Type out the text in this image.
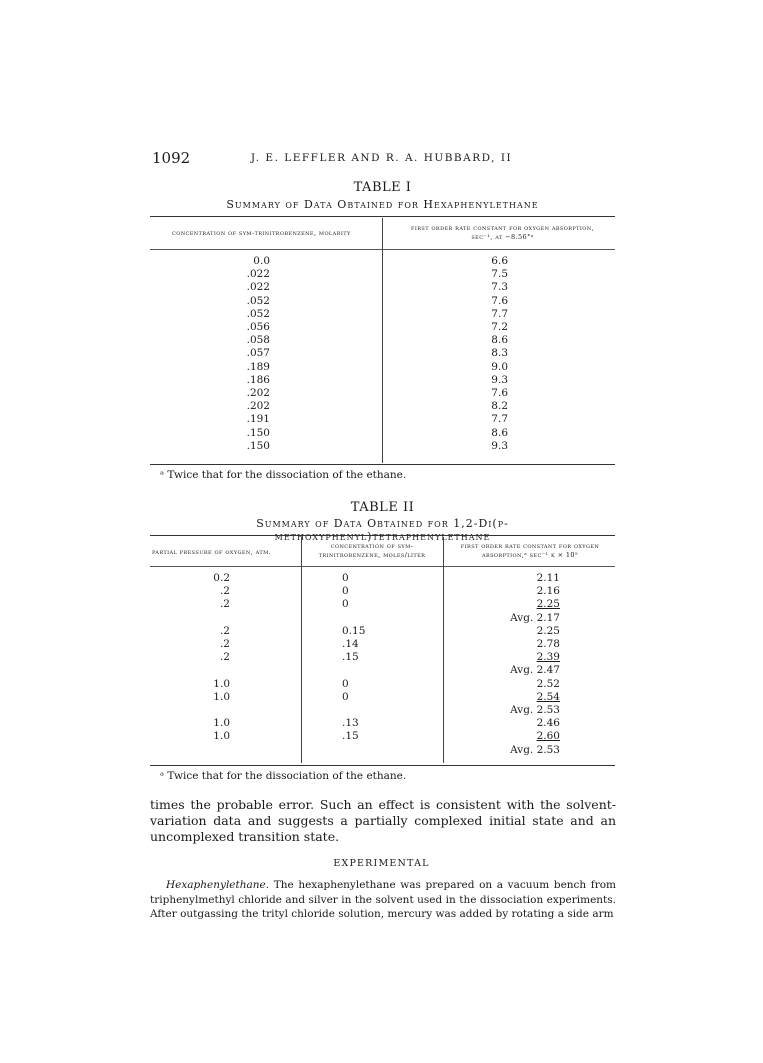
1092	J. E. LEFFLER AND R. A. HUBBARD, II
TABLE I
Summary of Data Obtained for Hexaphenylethane
concentration of sym-trinitrobenzene, molarity
first order rate constant for oxygen absorption,
sec⁻¹, at −8.56°ᵃ
0.0
.022
.022
.052
.052
.056
.058
.057
.189
.186
.202
.202
.191
.150
.150
6.6
7.5
7.3
7.6
7.7
7.2
8.6
8.3
9.0
9.3
7.6
8.2
7.7
8.6
9.3
ᵃ Twice that for the dissociation of the ethane.
TABLE II
Summary of Data Obtained for 1,2-Di(p-methoxyphenyl)tetraphenylethane
partial pressure of oxygen, atm.
concentration of sym-
trinitrobenzene, moles/liter
first order rate constant for oxygen
absorption,ᵃ sec⁻¹ k × 10⁵
0.2
.2
.2

.2
.2
.2

1.0
1.0

1.0
1.0

0
0
0

0.15
.14
.15

0
0

.13
.15

2.11
2.16
2.25
Avg. 2.17
2.25
2.78
2.39
Avg. 2.47
2.52
2.54
Avg. 2.53
2.46
2.60
Avg. 2.53
ᵃ Twice that for the dissociation of the ethane.
times the probable error. Such an effect is consistent with the solvent-variation data and suggests a partially complexed initial state and an uncomplexed transition state.
EXPERIMENTAL
Hexaphenylethane. The hexaphenylethane was prepared on a vacuum bench from triphenylmethyl chloride and silver in the solvent used in the dissociation experiments. After outgassing the trityl chloride solution, mercury was added by rotating a side arm
